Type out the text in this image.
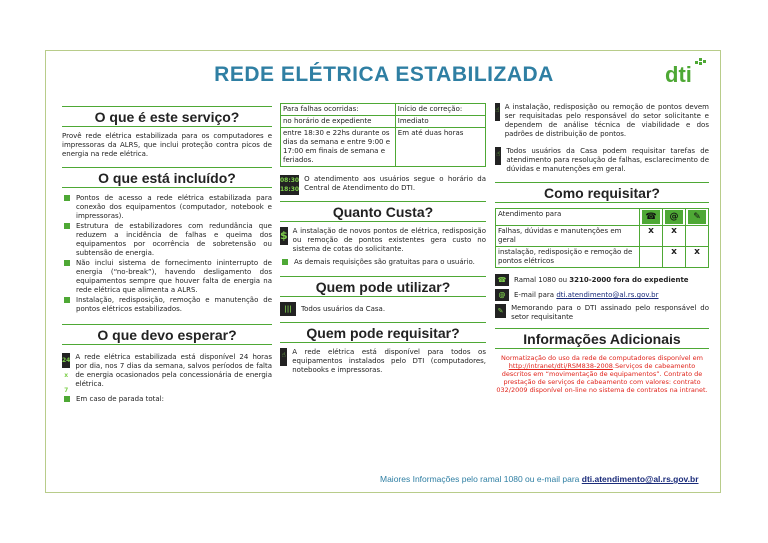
REDE ELÉTRICA ESTABILIZADA	dti
O que é este serviço?
Provê rede elétrica estabilizada para os computadores e impressoras da ALRS, que inclui proteção contra picos de energia na rede elétrica.
O que está incluído?
Pontos de acesso a rede elétrica estabilizada para conexão dos equipamentos (computador, notebook e impressoras).
Estrutura de estabilizadores com redundância que reduzem a incidência de falhas e queima dos equipamentos por ocorrência de sobretensão ou subtensão de energia.
Não inclui sistema de fornecimento ininterrupto de energia (“no-break”), havendo desligamento dos equipamentos sempre que houver falta de energia na rede elétrica que alimenta a ALRS.
Instalação, redisposição, remoção e manutenção de pontos elétricos estabilizados.
O que devo esperar?
24 x 7
A rede elétrica estabilizada está disponível 24 horas por dia, nos 7 dias da semana, salvos períodos de falta de energia ocasionados pela concessionária de energia elétrica.
Em caso de parada total:
Para falhas ocorridas:	Início de correção:
no horário de expediente	Imediato
entre 18:30 e 22hs durante os dias da semana e entre 9:00 e 17:00 em finais de semana e feriados.	Em até duas horas
08:30
18:30
O atendimento aos usuários segue o horário da Central de Atendimento do DTI.
Quanto Custa?
$ A instalação de novos pontos de elétrica, redisposição ou remoção de pontos existentes gera custo no sistema de cotas do solicitante.
As demais requisições são gratuitas para o usuário.
Quem pode utilizar?
|||	Todos usuários da Casa.
Quem pode requisitar?
☝ A rede elétrica está disponível para todos os equipamentos instalados pelo DTI (computadores, notebooks e impressoras.
☝ A instalação, redisposição ou remoção de pontos devem ser requisitadas pelo responsável do setor solicitante e dependem de análise técnica de viabilidade e dos padrões de distribuição de pontos.
☝ Todos usuários da Casa podem requisitar tarefas de atendimento para resolução de falhas, esclarecimento de dúvidas e manutenções em geral.
Como requisitar?
Atendimento para	☎	@	✎
Falhas, dúvidas e manutenções em geral	x	x	
instalação, redisposição e remoção de pontos elétricos		x	x
☎	Ramal 1080 ou 3210-2000 fora do expediente
@	E-mail para dti.atendimento@al.rs.gov.br
✎	Memorando para o DTI assinado pelo responsável do setor requisitante
Informações Adicionais
Normatização do uso da rede de computadores disponível em http://intranet/dti/RSM838-2008.Serviços de cabeamento descritos em “movimentação de equipamentos”. Contrato de prestação de serviços de cabeamento com valores: contrato 032/2009 disponível on-line no sistema de contratos na intranet.
Maiores Informações pelo ramal 1080 ou e-mail para dti.atendimento@al.rs.gov.br
